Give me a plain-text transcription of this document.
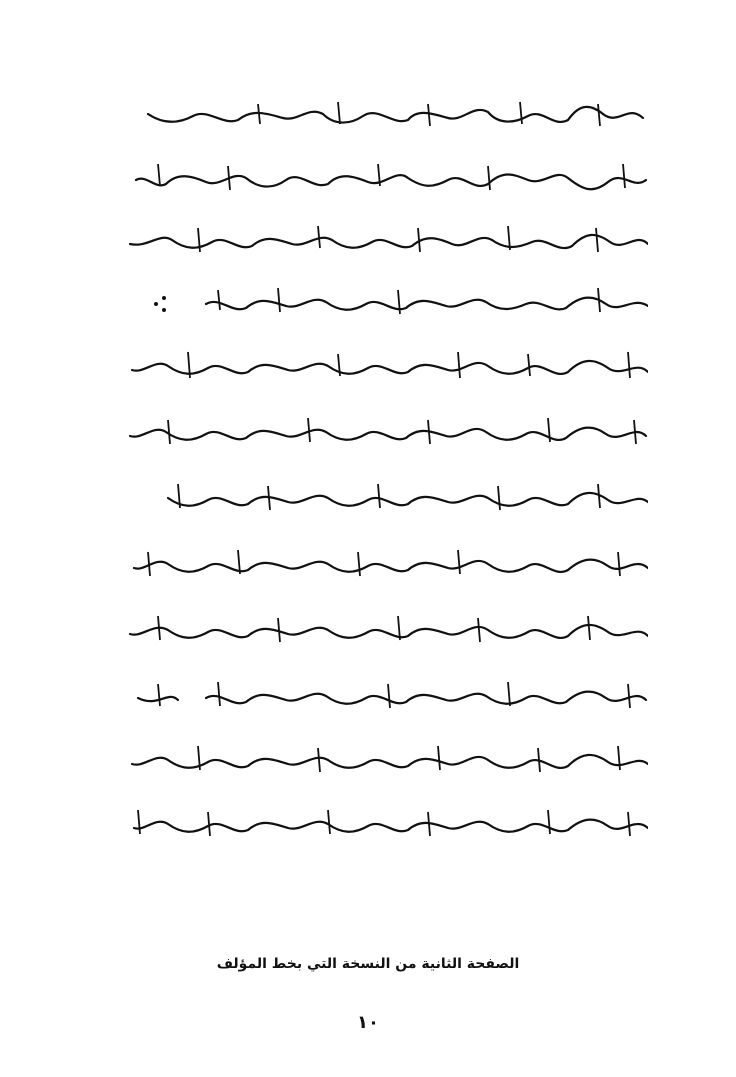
الصفحة الثانية من النسخة التي بخط المؤلف
١٠
